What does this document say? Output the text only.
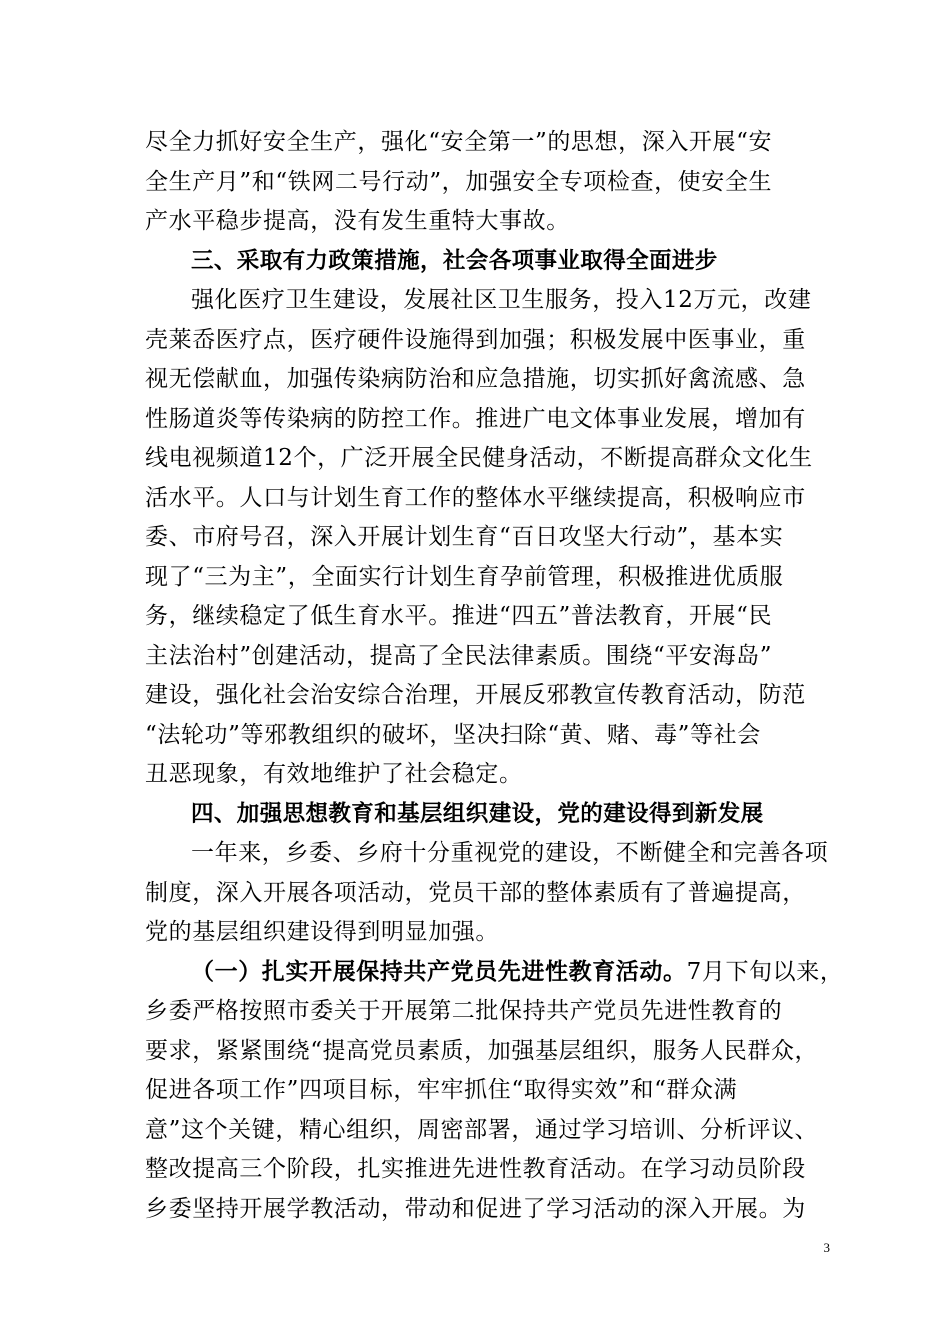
尽全力抓好安全生产，强化“安全第一”的思想，深入开展“安
全生产月”和“铁网二号行动”，加强安全专项检查，使安全生
产水平稳步提高，没有发生重特大事故。
三、采取有力政策措施，社会各项事业取得全面进步
强化医疗卫生建设，发展社区卫生服务，投入12万元，改建
壳莱岙医疗点，医疗硬件设施得到加强；积极发展中医事业，重
视无偿献血，加强传染病防治和应急措施，切实抓好禽流感、急
性肠道炎等传染病的防控工作。推进广电文体事业发展，增加有
线电视频道12个，广泛开展全民健身活动，不断提高群众文化生
活水平。人口与计划生育工作的整体水平继续提高，积极响应市
委、市府号召，深入开展计划生育“百日攻坚大行动”，基本实
现了“三为主”，全面实行计划生育孕前管理，积极推进优质服
务，继续稳定了低生育水平。推进“四五”普法教育，开展“民
主法治村”创建活动，提高了全民法律素质。围绕“平安海岛”
建设，强化社会治安综合治理，开展反邪教宣传教育活动，防范
“法轮功”等邪教组织的破坏，坚决扫除“黄、赌、毒”等社会
丑恶现象，有效地维护了社会稳定。
四、加强思想教育和基层组织建设，党的建设得到新发展
一年来，乡委、乡府十分重视党的建设，不断健全和完善各项
制度，深入开展各项活动，党员干部的整体素质有了普遍提高，
党的基层组织建设得到明显加强。
（一）扎实开展保持共产党员先进性教育活动。7月下旬以来，
乡委严格按照市委关于开展第二批保持共产党员先进性教育的
要求，紧紧围绕“提高党员素质，加强基层组织，服务人民群众，
促进各项工作”四项目标，牢牢抓住“取得实效”和“群众满
意”这个关键，精心组织，周密部署，通过学习培训、分析评议、
整改提高三个阶段，扎实推进先进性教育活动。在学习动员阶段
乡委坚持开展学教活动，带动和促进了学习活动的深入开展。为
3
